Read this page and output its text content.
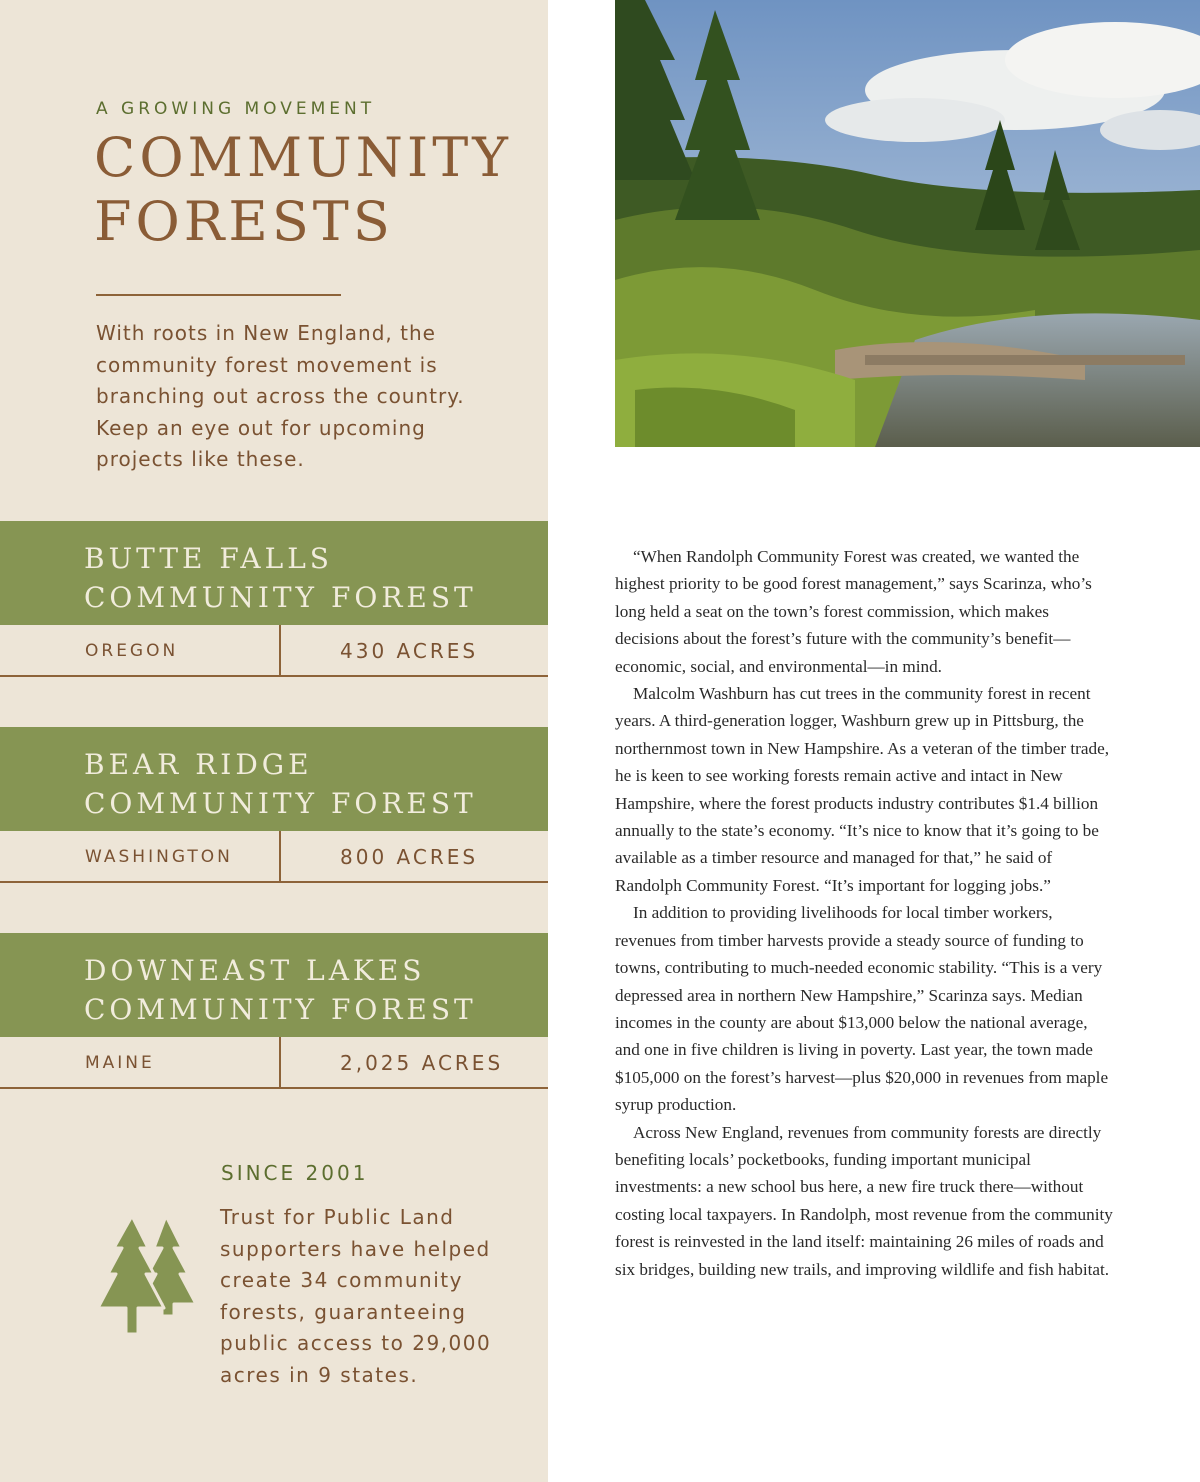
A GROWING MOVEMENT

COMMUNITY
FORESTS

With roots in New England, the community forest movement is branching out across the country. Keep an eye out for upcoming projects like these.

BUTTE FALLS
COMMUNITY FOREST

OREGON	430 ACRES

BEAR RIDGE
COMMUNITY FOREST

WASHINGTON	800 ACRES

DOWNEAST LAKES
COMMUNITY FOREST

MAINE	2,025 ACRES
SINCE 2001

Trust for Public Land supporters have helped create 34 community forests, guaranteeing public access to 29,000 acres in 9 states.

“When Randolph Community Forest was created, we wanted the highest priority to be good forest management,” says Scarinza, who’s long held a seat on the town’s forest commission, which makes decisions about the forest’s future with the community’s benefit—economic, social, and environmental—in mind.

Malcolm Washburn has cut trees in the community forest in recent years. A third-generation logger, Washburn grew up in Pittsburg, the northernmost town in New Hampshire. As a veteran of the timber trade, he is keen to see working forests remain active and intact in New Hampshire, where the forest products industry contributes $1.4 billion annually to the state’s economy. “It’s nice to know that it’s going to be available as a timber resource and managed for that,” he said of Randolph Community Forest. “It’s important for logging jobs.”

In addition to providing livelihoods for local timber workers, revenues from timber harvests provide a steady source of funding to towns, contributing to much-needed economic stability. “This is a very depressed area in northern New Hampshire,” Scarinza says. Median incomes in the county are about $13,000 below the national average, and one in five children is living in poverty. Last year, the town made $105,000 on the forest’s harvest—plus $20,000 in revenues from maple syrup production.

Across New England, revenues from community forests are directly benefiting locals’ pocketbooks, funding important municipal investments: a new school bus here, a new fire truck there—without costing local taxpayers. In Randolph, most revenue from the community forest is reinvested in the land itself: maintaining 26 miles of roads and six bridges, building new trails, and improving wildlife and fish habitat.
